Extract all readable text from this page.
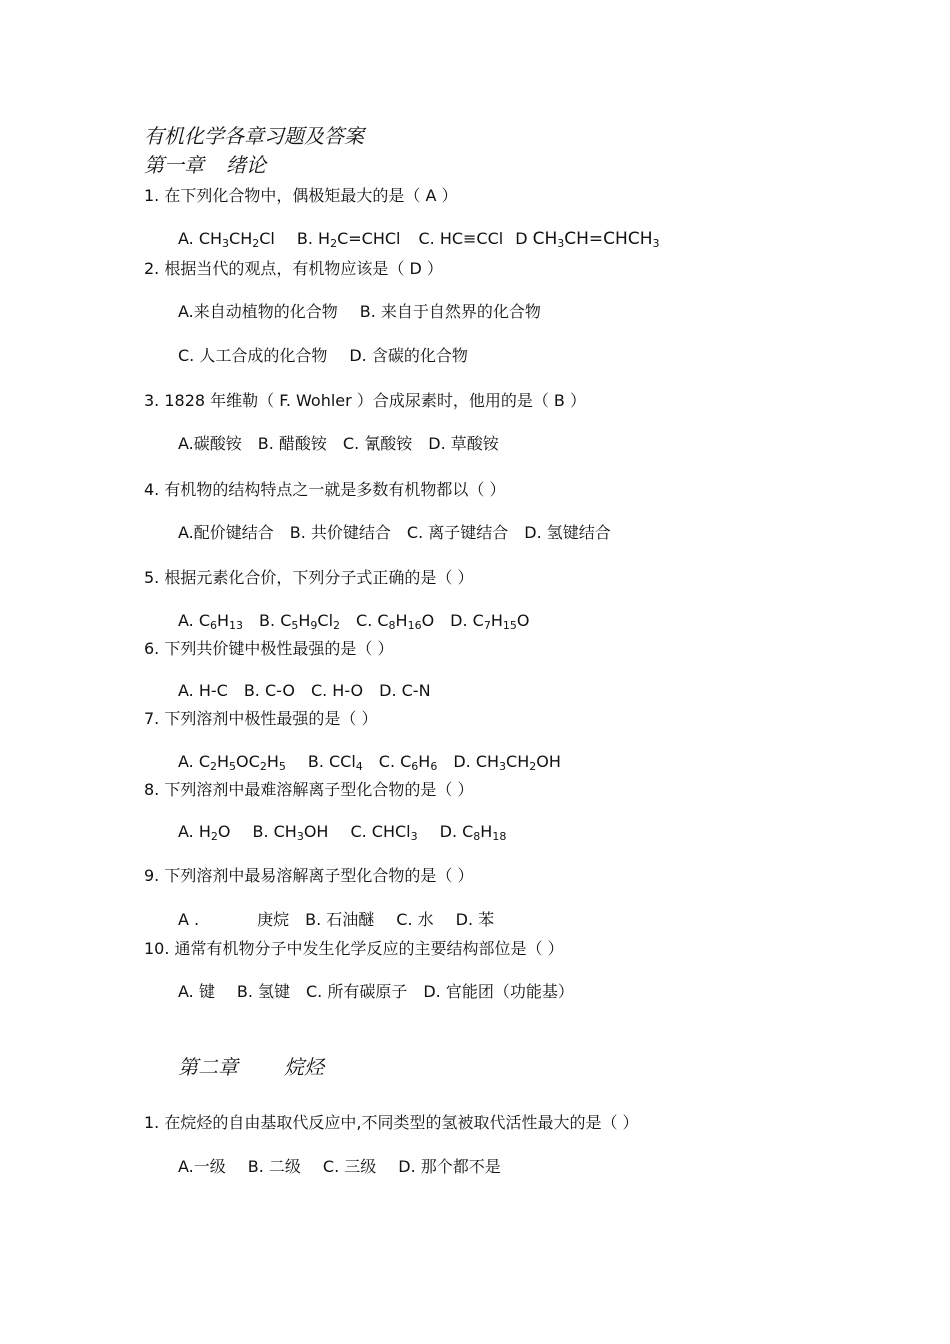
有机化学各章习题及答案
第一章 绪论
1. 在下列化合物中，偶极矩最大的是（ A ）
A. $CH_3CH_2Cl$ B. $H_2C=CHCl$ C. HC≡CCl D $CH_3CH=CHCH_3$
2. 根据当代的观点，有机物应该是（ D ）
A.来自动植物的化合物 B. 来自于自然界的化合物
C. 人工合成的化合物 D. 含碳的化合物
3. 1828 年维勒（ F. Wohler ）合成尿素时，他用的是（ B ）
A.碳酸铵 B. 醋酸铵 C. 氰酸铵 D. 草酸铵
4. 有机物的结构特点之一就是多数有机物都以（ ）
A.配价键结合 B. 共价键结合 C. 离子键结合 D. 氢键结合
5. 根据元素化合价，下列分子式正确的是（ ）
A. $C_6H_{13}$ B. $C_5H_9Cl_2$ C. $C_8H_{16}O$ D. $C_7H_{15}O$
6. 下列共价键中极性最强的是（ ）
A. H-C B. C-O C. H-O D. C-N
7. 下列溶剂中极性最强的是（ ）
A. $C_2H_5OC_2H_5$ B. CCl$_4$ C. $C_6H_6$ D. $CH_3CH_2OH$
8. 下列溶剂中最难溶解离子型化合物的是（ ）
A. $H_2O$ B. $CH_3OH$ C. CHCl$_3$ D. $C_8H_{18}$
9. 下列溶剂中最易溶解离子型化合物的是（ ）
A .	庚烷 B. 石油醚 C. 水 D. 苯
10. 通常有机物分子中发生化学反应的主要结构部位是（ ）
A. 键 B. 氢键 C. 所有碳原子 D. 官能团（功能基）
第二章 烷烃
1. 在烷烃的自由基取代反应中,不同类型的氢被取代活性最大的是（ ）
A.一级 B. 二级 C. 三级 D. 那个都不是
